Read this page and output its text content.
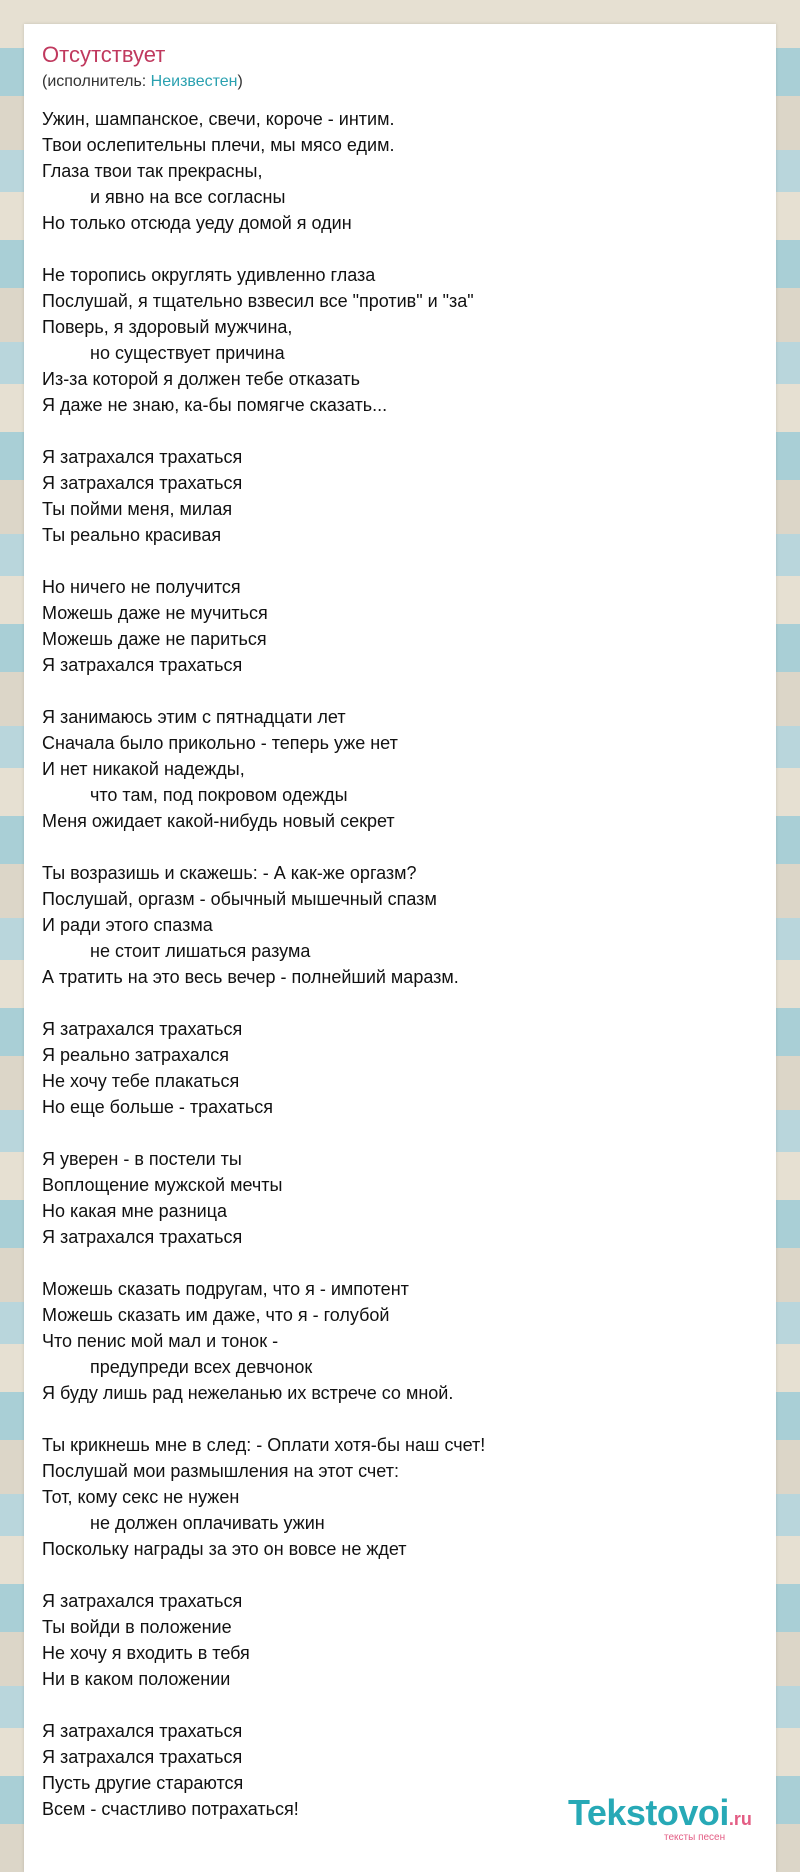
Отсутствует
(исполнитель: Неизвестен)
Ужин, шампанское, свечи, короче - интим.
Твои ослепительны плечи, мы мясо едим.
Глаза твои так прекрасны,
и явно на все согласны
Но только отсюда уеду домой я один
Не торопись округлять удивленно глаза
Послушай, я тщательно взвесил все "против" и "за"
Поверь, я здоровый мужчина,
но существует причина
Из-за которой я должен тебе отказать
Я даже не знаю, ка-бы помягче сказать...
Я затрахался трахаться
Я затрахался трахаться
Ты пойми меня, милая
Ты реально красивая
Но ничего не получится
Можешь даже не мучиться
Можешь даже не париться
Я затрахался трахаться
Я занимаюсь этим с пятнадцати лет
Сначала было прикольно - теперь уже нет
И нет никакой надежды,
что там, под покровом одежды
Меня ожидает какой-нибудь новый секрет
Ты возразишь и скажешь: - А как-же оргазм?
Послушай, оргазм - обычный мышечный спазм
И ради этого спазма
не стоит лишаться разума
А тратить на это весь вечер - полнейший маразм.
Я затрахался трахаться
Я реально затрахался
Не хочу тебе плакаться
Но еще больше - трахаться
Я уверен - в постели ты
Воплощение мужской мечты
Но какая мне разница
Я затрахался трахаться
Можешь сказать подругам, что я - импотент
Можешь сказать им даже, что я - голубой
Что пенис мой мал и тонок -
предупреди всех девчонок
Я буду лишь рад нежеланью их встрече со мной.
Ты крикнешь мне в след: - Оплати хотя-бы наш счет!
Послушай мои размышления на этот счет:
Тот, кому секс не нужен
не должен оплачивать ужин
Поскольку награды за это он вовсе не ждет
Я затрахался трахаться
Ты войди в положение
Не хочу я входить в тебя
Ни в каком положении
Я затрахался трахаться
Я затрахался трахаться
Пусть другие стараются
Всем - счастливо потрахаться!	Tekstovoi.ru
тексты песен
